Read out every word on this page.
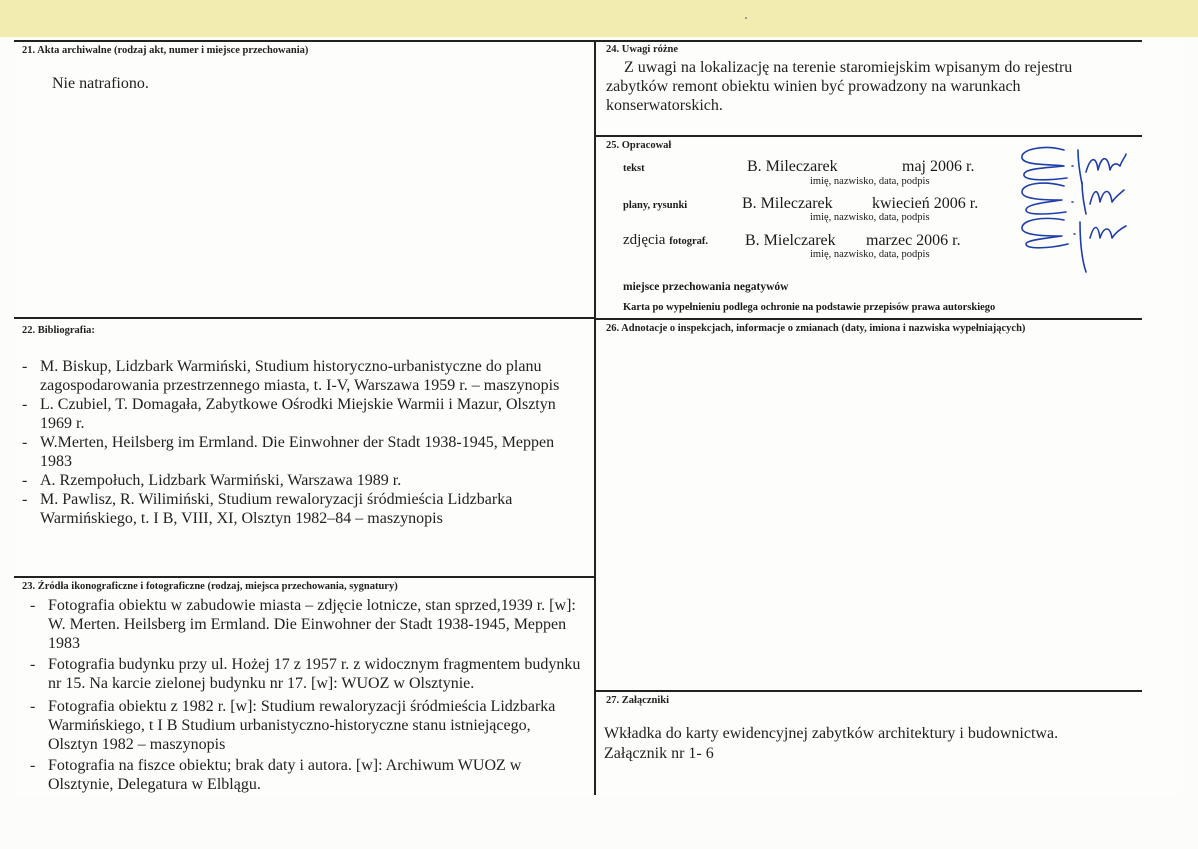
21. Akta archiwalne (rodzaj akt, numer i miejsce przechowania)
Nie natrafiono.
22. Bibliografia:
- M. Biskup, Lidzbark Warmiński, Studium historyczno-urbanistyczne do planu zagospodarowania przestrzennego miasta, t. I-V, Warszawa 1959 r. – maszynopis
- L. Czubiel, T. Domagała, Zabytkowe Ośrodki Miejskie Warmii i Mazur, Olsztyn 1969 r.
- W.Merten, Heilsberg im Ermland. Die Einwohner der Stadt 1938-1945, Meppen 1983
- A. Rzempołuch, Lidzbark Warmiński, Warszawa 1989 r.
- M. Pawlisz, R. Wilimiński, Studium rewaloryzacji śródmieścia Lidzbarka Warmińskiego, t. I B, VIII, XI, Olsztyn 1982–84 – maszynopis
23. Źródła ikonograficzne i fotograficzne (rodzaj, miejsca przechowania, sygnatury)
- Fotografia obiektu w zabudowie miasta – zdjęcie lotnicze, stan sprzed,1939 r. [w]: W. Merten. Heilsberg im Ermland. Die Einwohner der Stadt 1938-1945, Meppen 1983
- Fotografia budynku przy ul. Hożej 17 z 1957 r. z widocznym fragmentem budynku nr 15. Na karcie zielonej budynku nr 17. [w]: WUOZ w Olsztynie.
- Fotografia obiektu z 1982 r. [w]: Studium rewaloryzacji śródmieścia Lidzbarka Warmińskiego, t I B Studium urbanistyczno-historyczne stanu istniejącego, Olsztyn 1982 – maszynopis
- Fotografia na fiszce obiektu; brak daty i autora. [w]: Archiwum WUOZ w Olsztynie, Delegatura w Elblągu.
24. Uwagi różne

Z uwagi na lokalizację na terenie staromiejskim wpisanym do rejestru zabytków remont obiektu winien być prowadzony na warunkach konserwatorskich.

25. Opracował
tekst	B. Mileczarek	maj 2006 r.
imię, nazwisko, data, podpis
plany, rysunki	B. Mileczarek kwiecień 2006 r.
imię, nazwisko, data, podpis
zdjęcia fotograf. B. Mielczarek marzec 2006 r.
imię, nazwisko, data, podpis
miejsce przechowania negatywów
Karta po wypełnieniu podlega ochronie na podstawie przepisów prawa autorskiego
26. Adnotacje o inspekcjach, informacje o zmianach (daty, imiona i nazwiska wypełniających)
27. Załączniki
Wkładka do karty ewidencyjnej zabytków architektury i budownictwa.
Załącznik nr 1- 6
